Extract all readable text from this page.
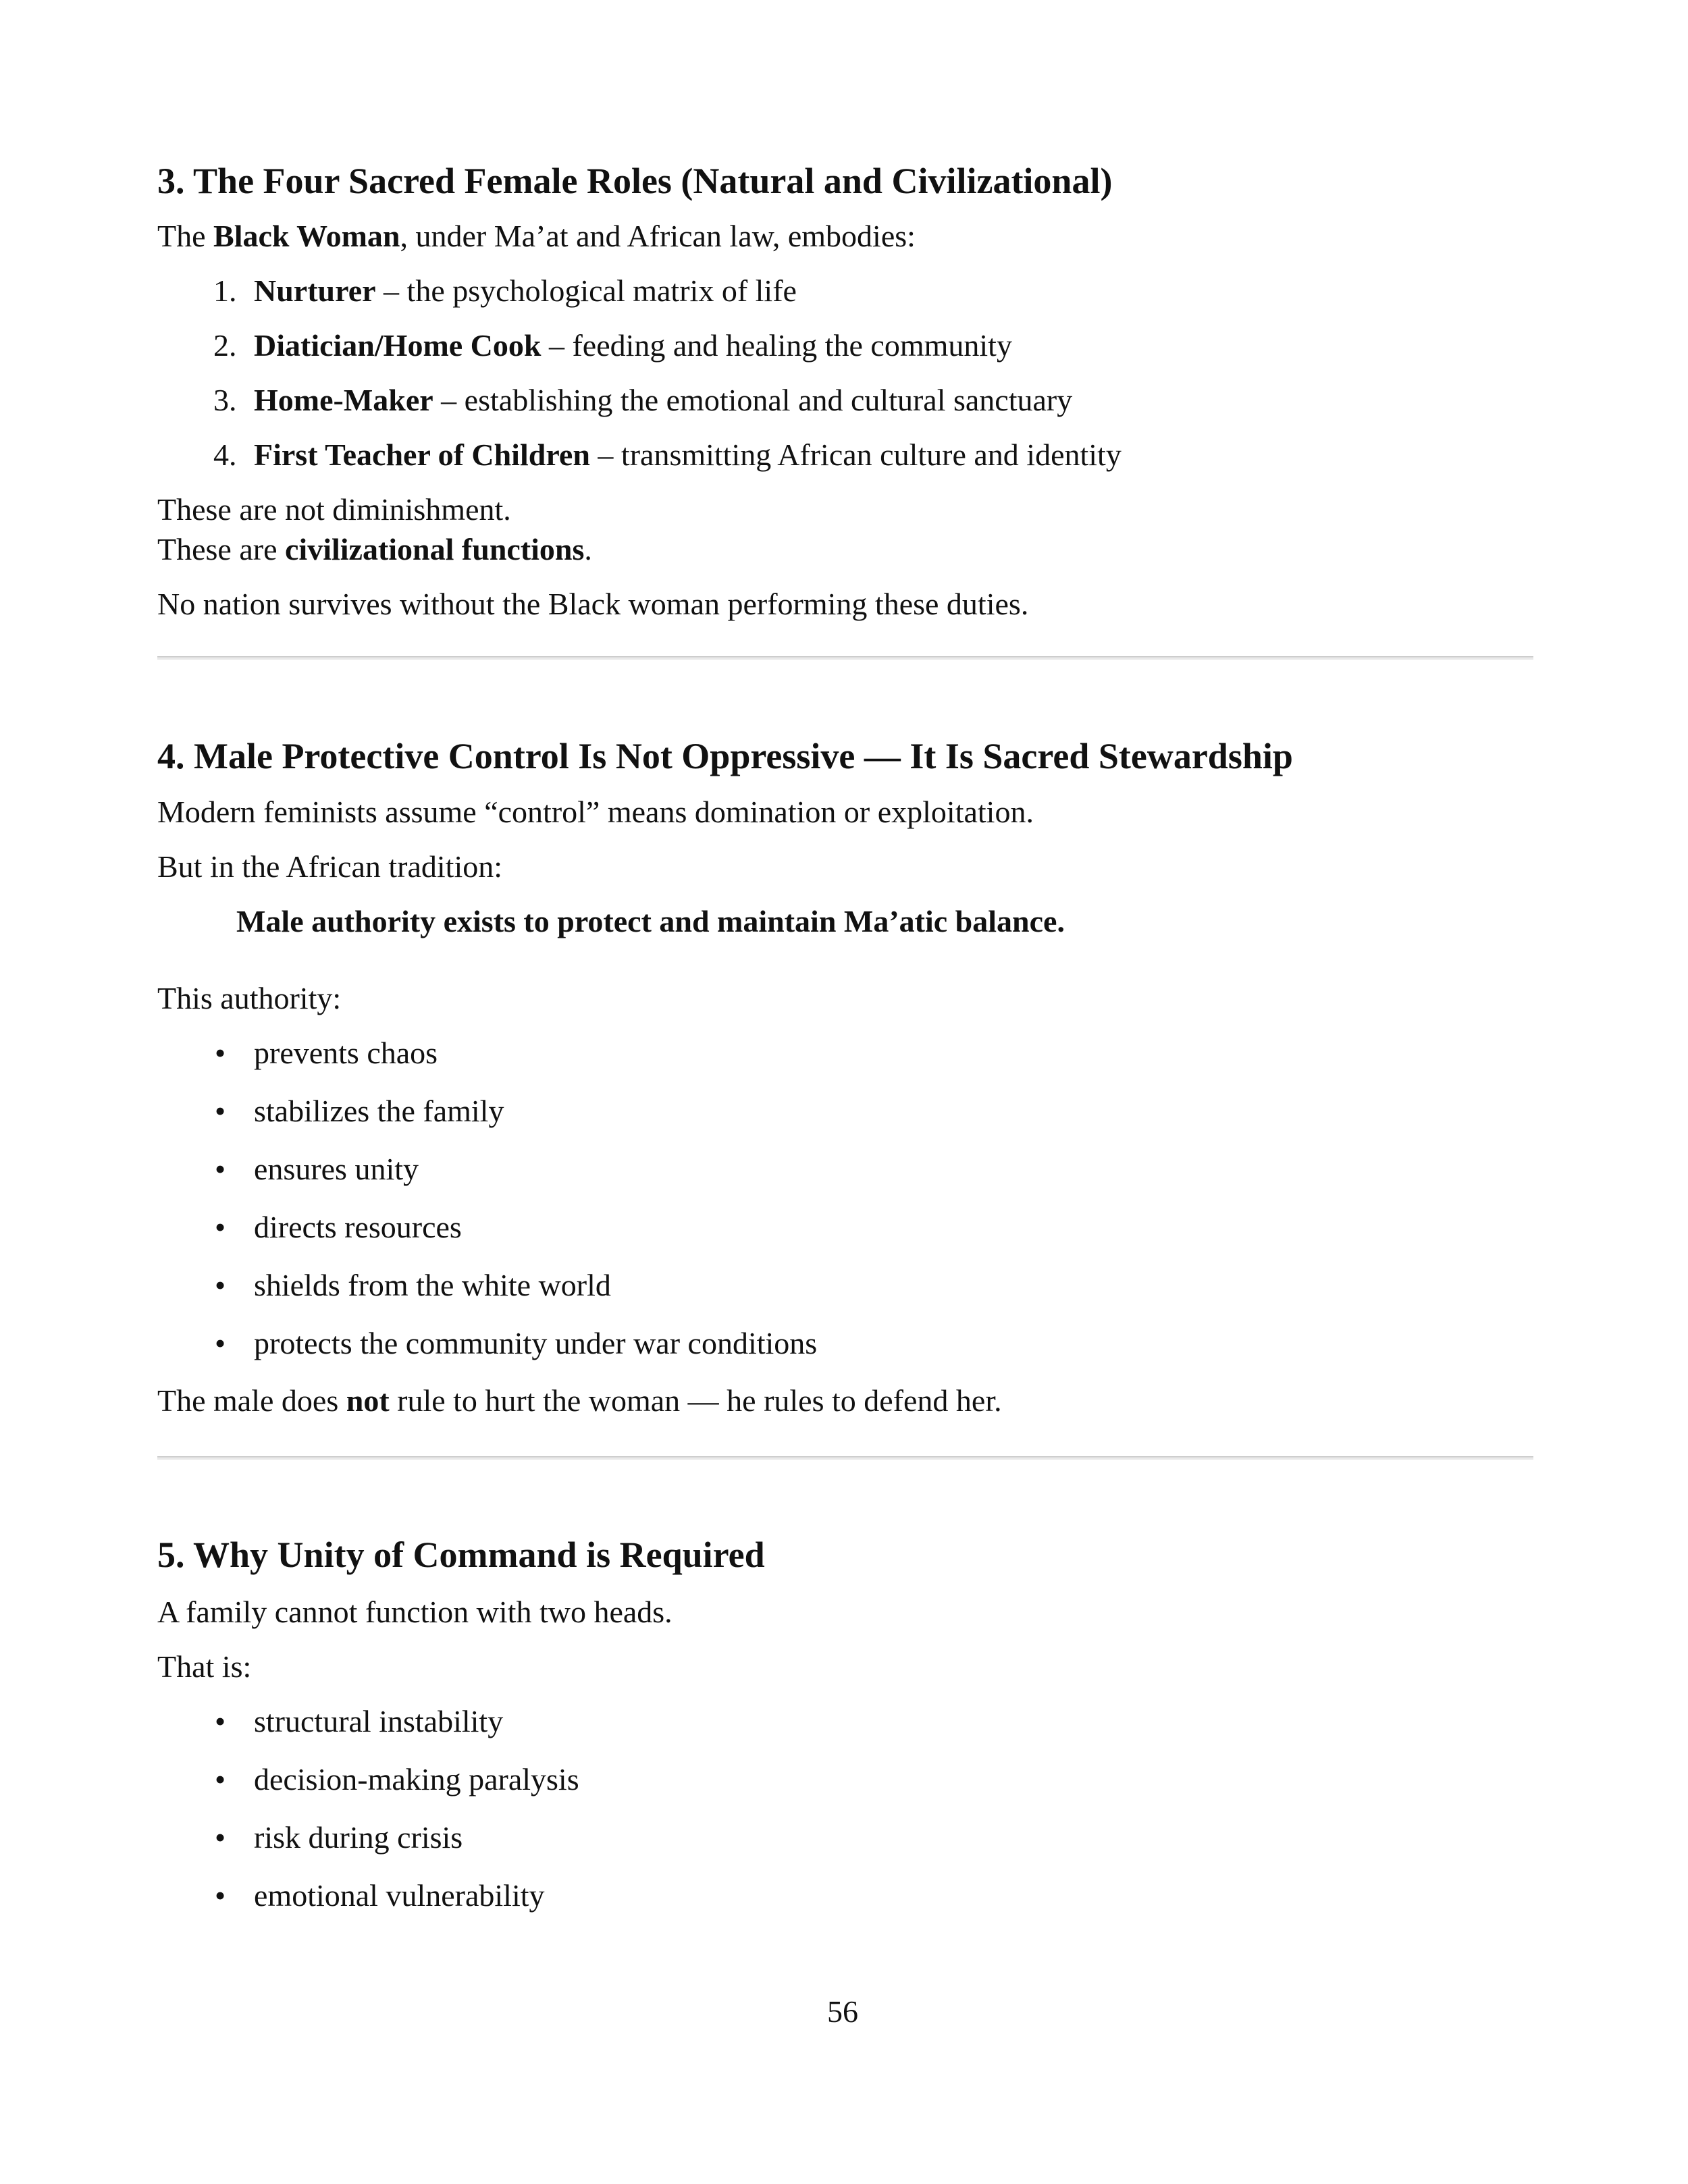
3. The Four Sacred Female Roles (Natural and Civilizational)
The Black Woman, under Ma’at and African law, embodies:
1. Nurturer – the psychological matrix of life
2. Diatician/Home Cook – feeding and healing the community
3. Home-Maker – establishing the emotional and cultural sanctuary
4. First Teacher of Children – transmitting African culture and identity
These are not diminishment.
These are civilizational functions.
No nation survives without the Black woman performing these duties.
4. Male Protective Control Is Not Oppressive — It Is Sacred Stewardship
Modern feminists assume “control” means domination or exploitation.
But in the African tradition:
Male authority exists to protect and maintain Ma’atic balance.
This authority:
• prevents chaos
• stabilizes the family
• ensures unity
• directs resources
• shields from the white world
• protects the community under war conditions
The male does not rule to hurt the woman — he rules to defend her.
5. Why Unity of Command is Required
A family cannot function with two heads.
That is:
• structural instability
• decision-making paralysis
• risk during crisis
• emotional vulnerability
56
